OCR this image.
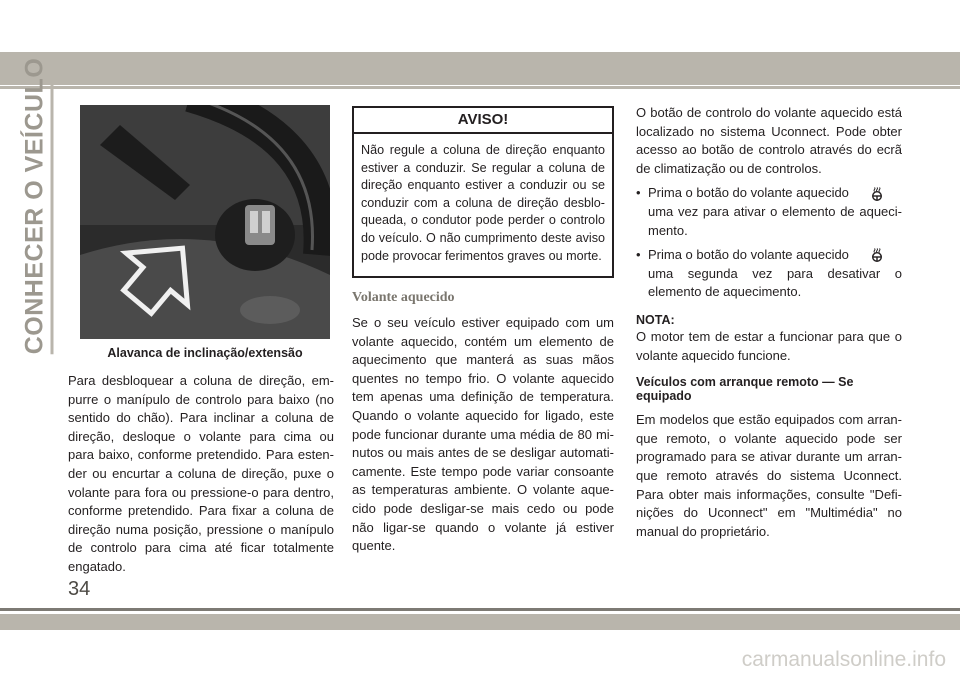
CONHECER O VEÍCULO	Alavanca de inclinação/extensão

Para desbloquear a coluna de direção, em-purre o manípulo de controlo para baixo (no sentido do chão). Para inclinar a coluna de direção, desloque o volante para cima ou para baixo, conforme pretendido. Para esten-der ou encurtar a coluna de direção, puxe o volante para fora ou pressione-o para dentro, conforme pretendido. Para fixar a coluna de direção numa posição, pressione o manípulo de controlo para cima até ficar totalmente engatado.

AVISO!
Não regule a coluna de direção enquanto estiver a conduzir. Se regular a coluna de direção enquanto estiver a conduzir ou se conduzir com a coluna de direção desblo-queada, o condutor pode perder o controlo do veículo. O não cumprimento deste aviso pode provocar ferimentos graves ou morte.
Volante aquecido

Se o seu veículo estiver equipado com um volante aquecido, contém um elemento de aquecimento que manterá as suas mãos quentes no tempo frio. O volante aquecido tem apenas uma definição de temperatura. Quando o volante aquecido for ligado, este pode funcionar durante uma média de 80 mi-nutos ou mais antes de se desligar automati-camente. Este tempo pode variar consoante as temperaturas ambiente. O volante aque-cido pode desligar-se mais cedo ou pode não ligar-se quando o volante já estiver quente.

O botão de controlo do volante aquecido está localizado no sistema Uconnect. Pode obter acesso ao botão de controlo através do ecrã de climatização ou de controlos.

• Prima o botão do volante aquecido
uma vez para ativar o elemento de aqueci-mento.

• Prima o botão do volante aquecido
uma segunda vez para desativar o elemento de aquecimento.

NOTA:

O motor tem de estar a funcionar para que o volante aquecido funcione.

Veículos com arranque remoto — Se equipado

Em modelos que estão equipados com arran-que remoto, o volante aquecido pode ser programado para se ativar durante um arran-que remoto através do sistema Uconnect. Para obter mais informações, consulte "Defi-nições do Uconnect" em "Multimédia" no manual do proprietário.

34
carmanualsonline.info
